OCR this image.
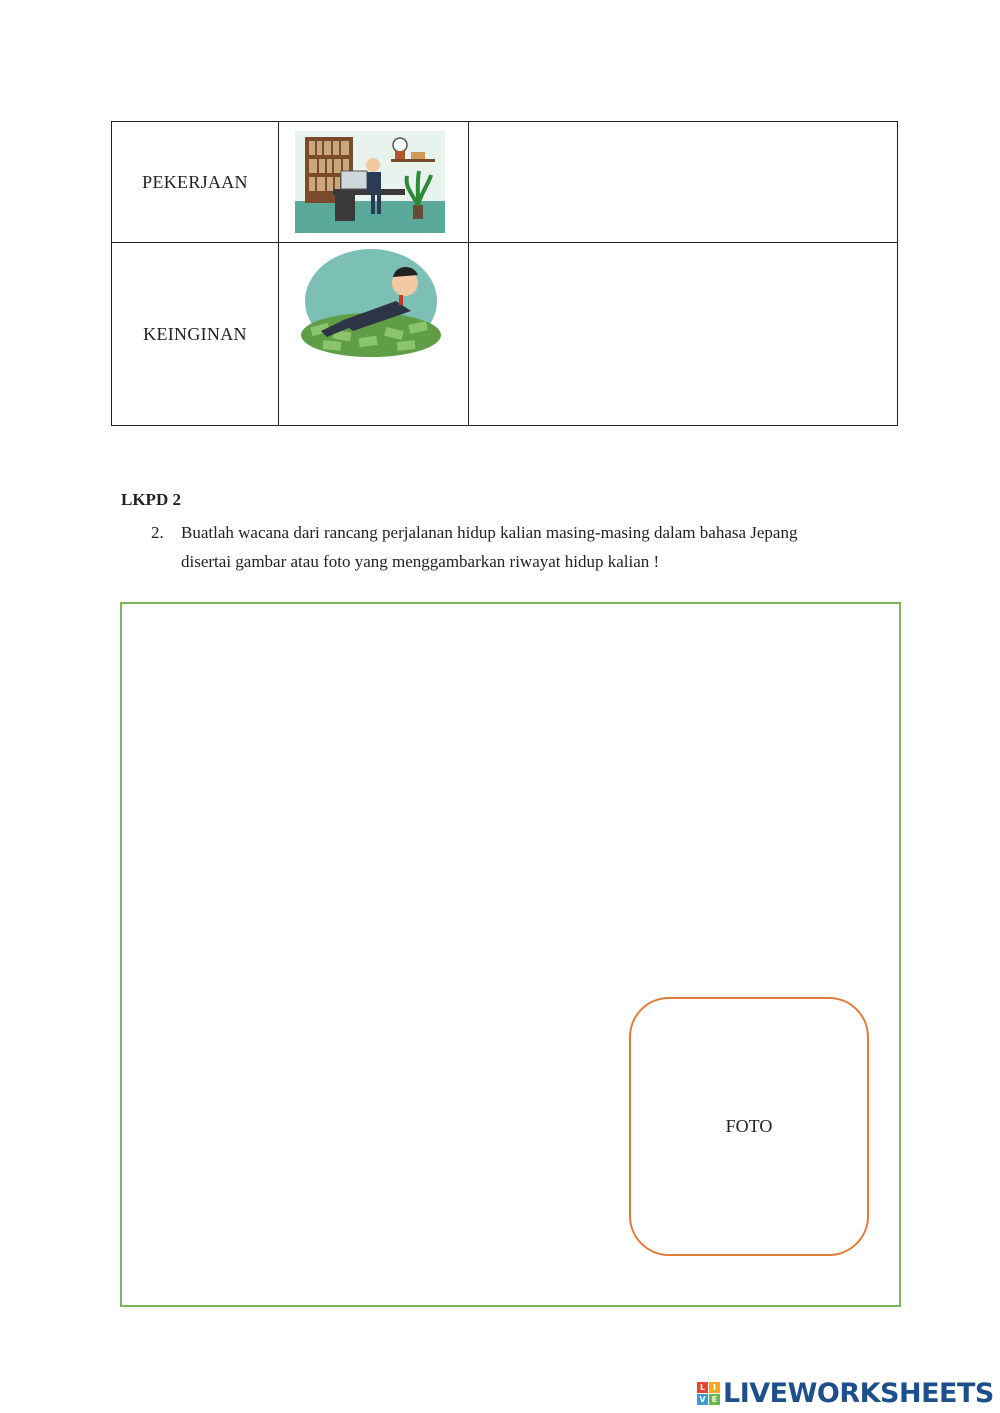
PEKERJAAN	

KEINGINAN	

LKPD 2
2. Buatlah wacana dari rancang perjalanan hidup kalian masing-masing dalam bahasa Jepang
disertai gambar atau foto yang menggambarkan riwayat hidup kalian !
FOTO
L I
V E LIVEWORKSHEETS
